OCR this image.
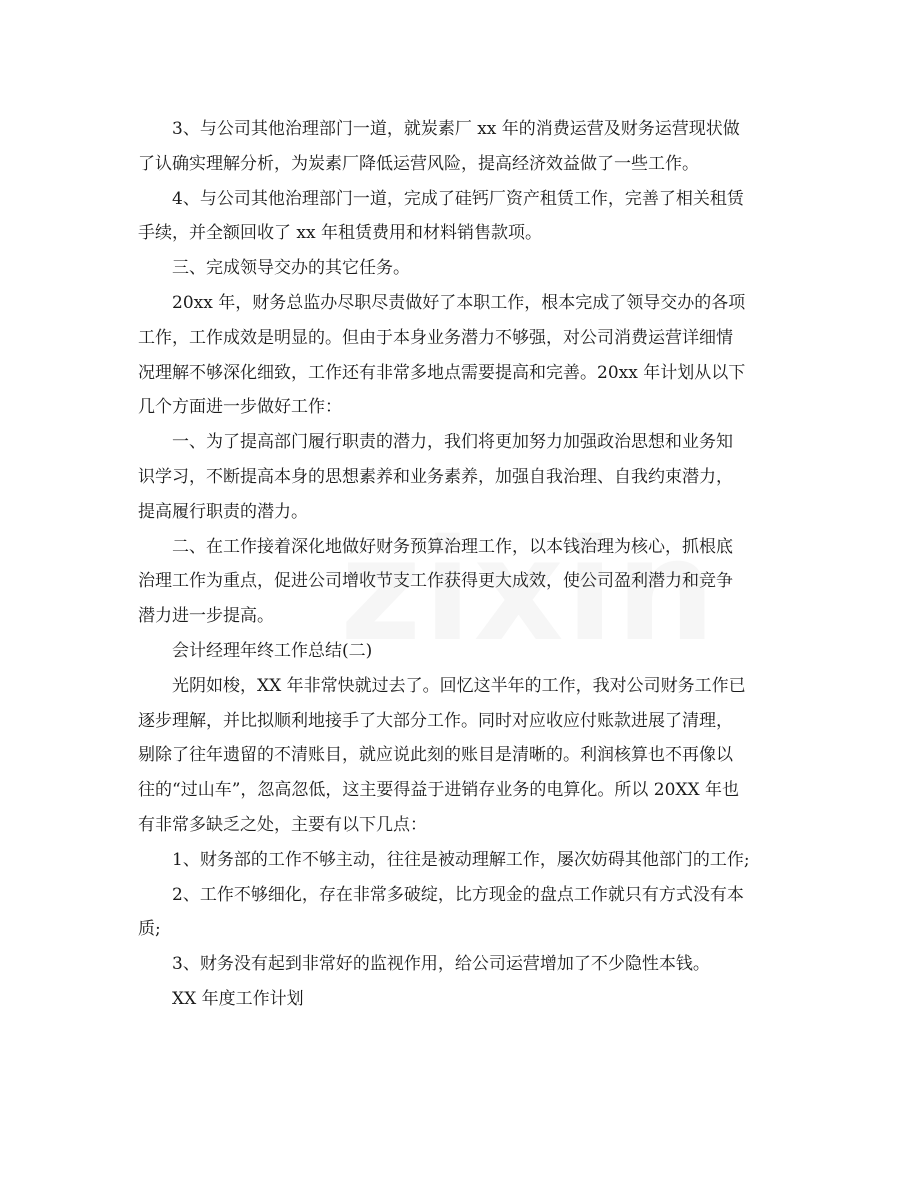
3、与公司其他治理部门一道，就炭素厂 xx 年的消费运营及财务运营现状做
了认确实理解分析，为炭素厂降低运营风险，提高经济效益做了一些工作。
4、与公司其他治理部门一道，完成了硅钙厂资产租赁工作，完善了相关租赁
手续，并全额回收了 xx 年租赁费用和材料销售款项。
三、完成领导交办的其它任务。
20xx 年，财务总监办尽职尽责做好了本职工作，根本完成了领导交办的各项
工作，工作成效是明显的。但由于本身业务潜力不够强，对公司消费运营详细情
况理解不够深化细致，工作还有非常多地点需要提高和完善。20xx 年计划从以下
几个方面进一步做好工作：
一、为了提高部门履行职责的潜力，我们将更加努力加强政治思想和业务知
识学习，不断提高本身的思想素养和业务素养，加强自我治理、自我约束潜力，
提高履行职责的潜力。
二、在工作接着深化地做好财务预算治理工作，以本钱治理为核心，抓根底
治理工作为重点，促进公司增收节支工作获得更大成效，使公司盈利潜力和竞争
潜力进一步提高。
会计经理年终工作总结(二)
光阴如梭，XX 年非常快就过去了。回忆这半年的工作，我对公司财务工作已
逐步理解，并比拟顺利地接手了大部分工作。同时对应收应付账款进展了清理，
剔除了往年遗留的不清账目，就应说此刻的账目是清晰的。利润核算也不再像以
往的“过山车”，忽高忽低，这主要得益于进销存业务的电算化。所以 20XX 年也
有非常多缺乏之处，主要有以下几点：
1、财务部的工作不够主动，往往是被动理解工作，屡次妨碍其他部门的工作;
2、工作不够细化，存在非常多破绽，比方现金的盘点工作就只有方式没有本
质;
3、财务没有起到非常好的监视作用，给公司运营增加了不少隐性本钱。
XX 年度工作计划
